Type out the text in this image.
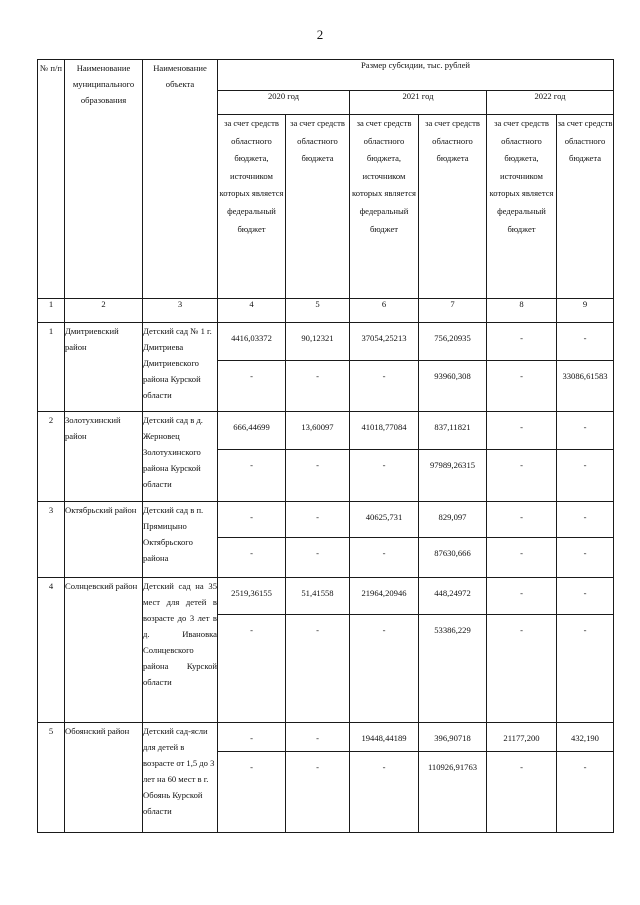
2
№ п/п	Наименование муниципального образования	Наименование объекта	Размер субсидии, тыс. рублей					
			2020 год		2021 год		2022 год	
			за счет средств областного бюджета, источником которых является федеральный бюджет	за счет средств областного бюджета	за счет средств областного бюджета, источником которых является федеральный бюджет	за счет средств областного бюджета	за счет средств областного бюджета, источником которых является федеральный бюджет	за счет средств областного бюджета
1	2	3	4	5	6	7	8	9
1	Дмитриевский район	Детский сад № 1 г. Дмитриева Дмитриевского района Курской области	4416,03372	90,12321	37054,25213	756,20935	-	-
			-	-	-	93960,308	-	33086,61583
2	Золотухинский район	Детский сад в д. Жерновец Золотухинского района Курской области	666,44699	13,60097	41018,77084	837,11821	-	-
			-	-	-	97989,26315	-	-
3	Октябрьский район	Детский сад в п. Прямицыно Октябрьского района	-	-	40625,731	829,097	-	-
			-	-	-	87630,666	-	-
4	Солнцевский район	Детский сад на 35 мест для детей в возрасте до 3 лет в д. Ивановка Солнцевского района Курской области	2519,36155	51,41558	21964,20946	448,24972	-	-
			-	-	-	53386,229	-	-
5	Обоянский район	Детский сад-ясли для детей в возрасте от 1,5 до 3 лет на 60 мест в г. Обоянь Курской области	-	-	19448,44189	396,90718	21177,200	432,190
			-	-	-	110926,91763	-	-
